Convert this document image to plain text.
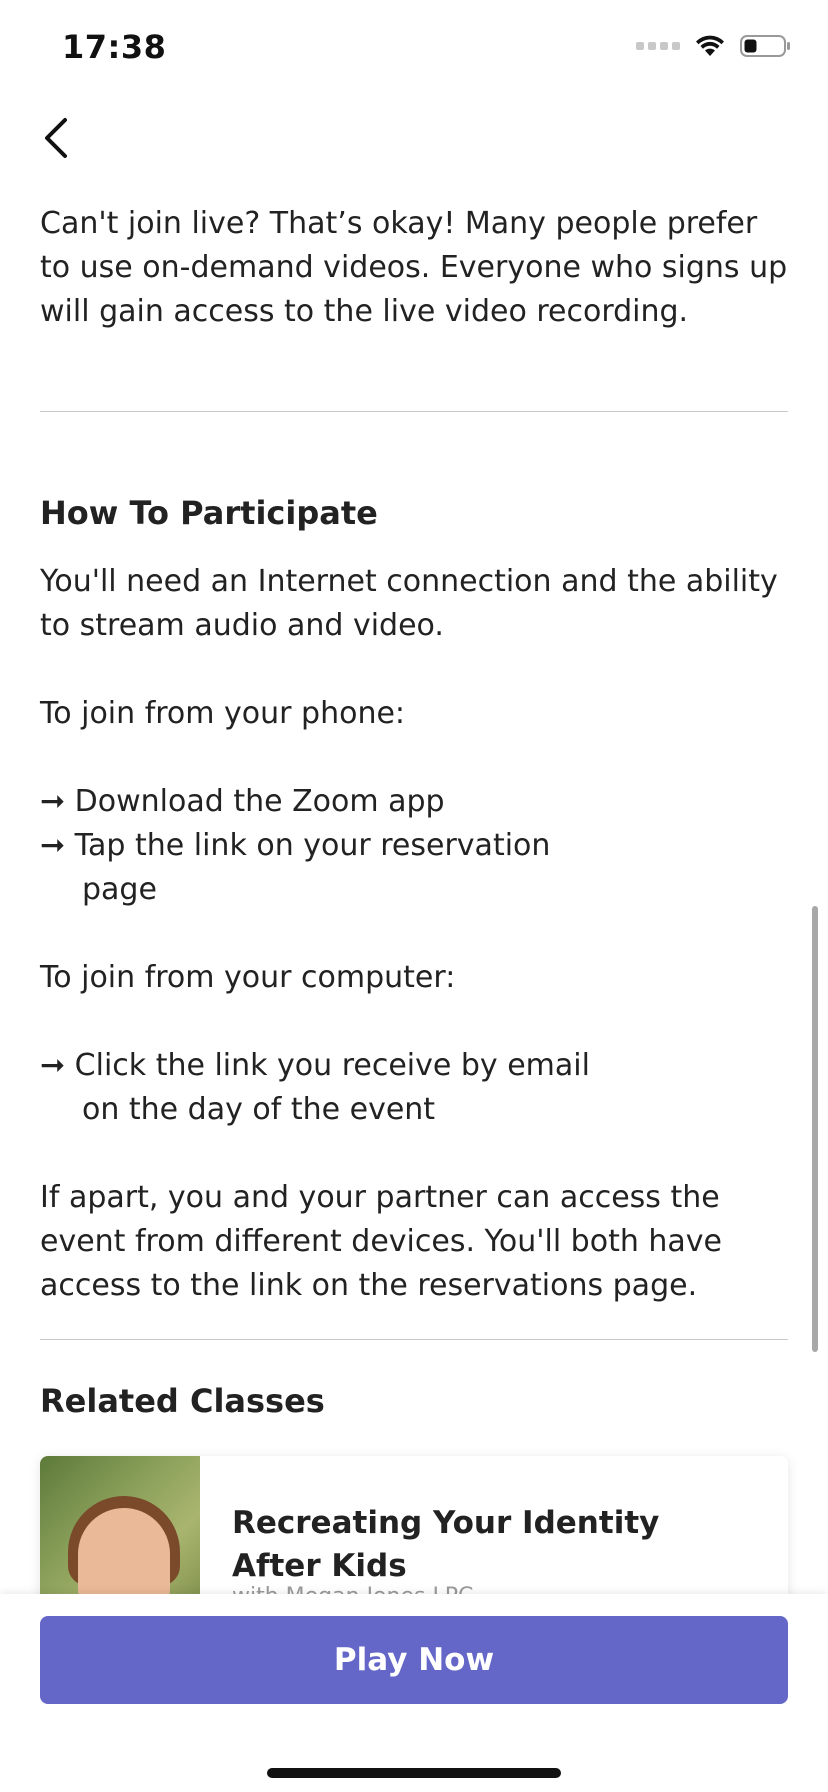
17:38

Can't join live? That’s okay! Many people prefer to use on-demand videos. Everyone who signs up will gain access to the live video recording.

How To Participate

You'll need an Internet connection and the ability to stream audio and video.

To join from your phone:

➞ Download the Zoom app

➞ Tap the link on your reservation

page

To join from your computer:

➞ Click the link you receive by email

on the day of the event

If apart, you and your partner can access the event from different devices. You'll both have access to the link on the reservations page.

Related Classes
Recreating Your Identity After Kids
Play Now
